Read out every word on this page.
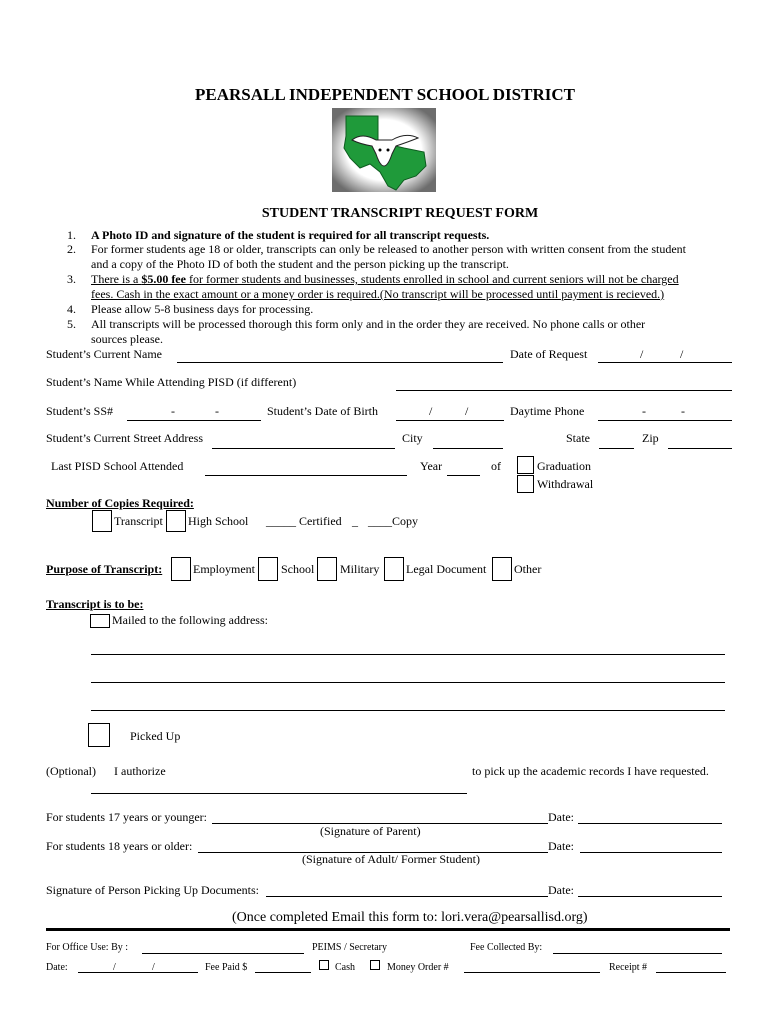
PEARSALL INDEPENDENT SCHOOL DISTRICT
STUDENT TRANSCRIPT REQUEST FORM
1. A Photo ID and signature of the student is required for all transcript requests.
2. For former students age 18 or older, transcripts can only be released to another person with written consent from the student
and a copy of the Photo ID of both the student and the person picking up the transcript.
3. There is a $5.00 fee for former students and businesses, students enrolled in school and current seniors will not be charged
fees. Cash in the exact amount or a money order is required.(No transcript will be processed until payment is recieved.)
4. Please allow 5-8 business days for processing.
5. All transcripts will be processed thorough this form only and in the order they are received. No phone calls or other
sources please.
Student’s Current Name	Date of Request	/	/
Student’s Name While Attending PISD (if different)
Student’s SS#	-	-	Student’s Date of Birth	/	/	Daytime Phone	-	-
Student’s Current Street Address	City	State	Zip
Last PISD School Attended	Year	of	Graduation
Withdrawal
Number of Copies Required:
Transcript High School _____ Certified _ ____Copy
Purpose of Transcript:	Employment School Military Legal Document Other
Transcript is to be:
Mailed to the following address:
Picked Up
(Optional) I authorize	to pick up the academic records I have requested.
For students 17 years or younger:	Date:
(Signature of Parent)
For students 18 years or older:	Date:
(Signature of Adult/ Former Student)
Signature of Person Picking Up Documents:	Date:
(Once completed Email this form to: lori.vera@pearsallisd.org)
For Office Use: By :	PEIMS / Secretary	Fee Collected By:
Date:	/	/	Fee Paid $	Cash	Money Order #	Receipt #
